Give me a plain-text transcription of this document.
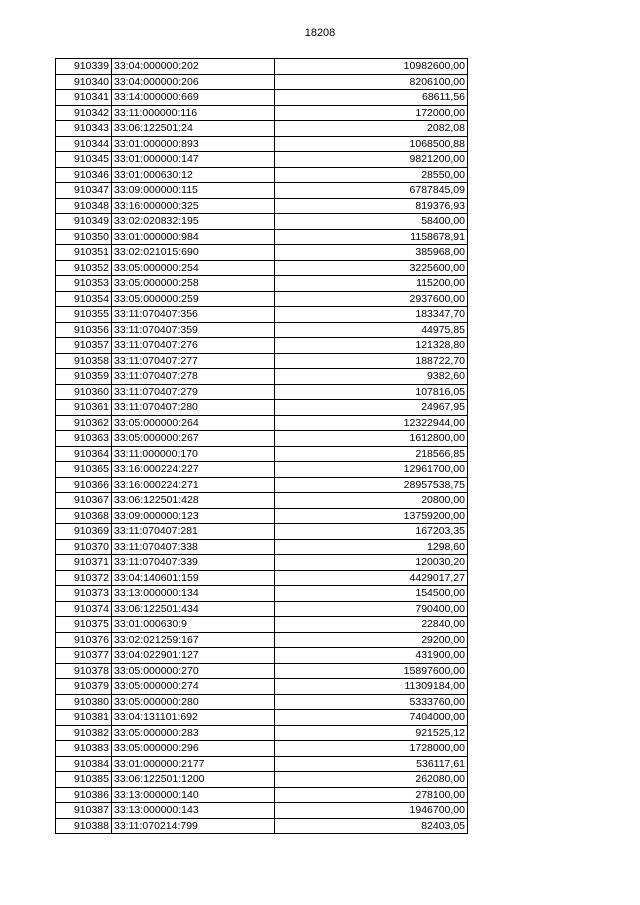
18208
910339	33:04:000000:202	10982600,00
910340	33:04:000000:206	8206100,00
910341	33:14:000000:669	68611,56
910342	33:11:000000:116	172000,00
910343	33:06:122501:24	2082,08
910344	33:01:000000:893	1068500,88
910345	33:01:000000:147	9821200,00
910346	33:01:000630:12	28550,00
910347	33:09:000000:115	6787845,09
910348	33:16:000000:325	819376,93
910349	33:02:020832:195	58400,00
910350	33:01:000000:984	1158678,91
910351	33:02:021015:690	385968,00
910352	33:05:000000:254	3225600,00
910353	33:05:000000:258	115200,00
910354	33:05:000000:259	2937600,00
910355	33:11:070407:356	183347,70
910356	33:11:070407:359	44975,85
910357	33:11:070407:276	121328,80
910358	33:11:070407:277	188722,70
910359	33:11:070407:278	9382,60
910360	33:11:070407:279	107816,05
910361	33:11:070407:280	24967,95
910362	33:05:000000:264	12322944,00
910363	33:05:000000:267	1612800,00
910364	33:11:000000:170	218566,85
910365	33:16:000224:227	12961700,00
910366	33:16:000224:271	28957538,75
910367	33:06:122501:428	20800,00
910368	33:09:000000:123	13759200,00
910369	33:11:070407:281	167203,35
910370	33:11:070407:338	1298,60
910371	33:11:070407:339	120030,20
910372	33:04:140601:159	4429017,27
910373	33:13:000000:134	154500,00
910374	33:06:122501:434	790400,00
910375	33:01:000630:9	22840,00
910376	33:02:021259:167	29200,00
910377	33:04:022901:127	431900,00
910378	33:05:000000:270	15897600,00
910379	33:05:000000:274	11309184,00
910380	33:05:000000:280	5333760,00
910381	33:04:131101:692	7404000,00
910382	33:05:000000:283	921525,12
910383	33:05:000000:296	1728000,00
910384	33:01:000000:2177	536117,61
910385	33:06:122501:1200	262080,00
910386	33:13:000000:140	278100,00
910387	33:13:000000:143	1946700,00
910388	33:11:070214:799	82403,05
